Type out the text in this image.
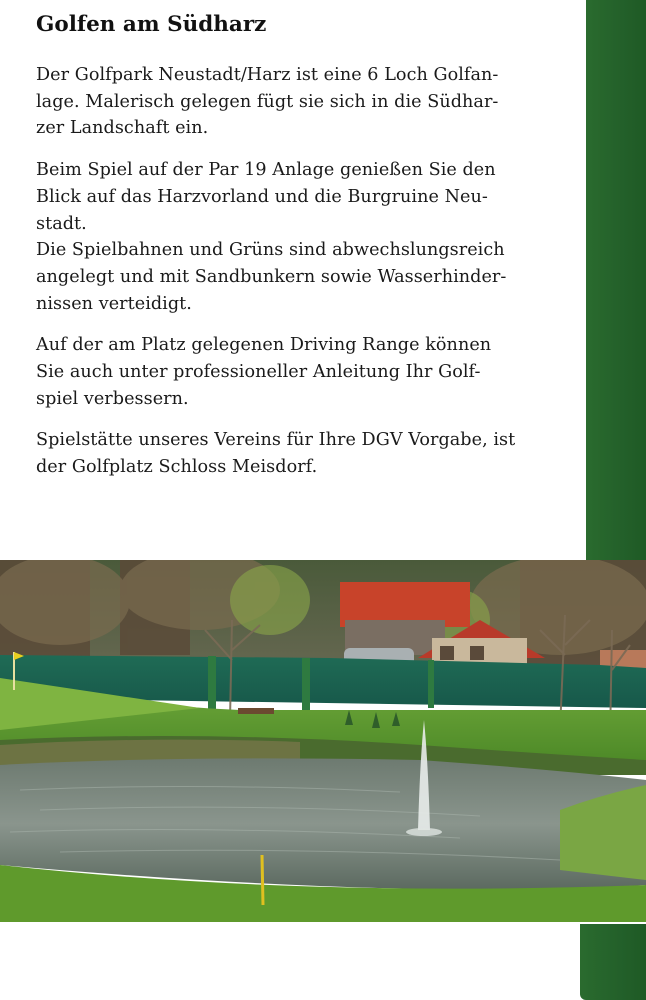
Golfen am Südharz

Der Golfpark Neustadt/Harz ist eine 6 Loch Golfan-
lage. Malerisch gelegen fügt sie sich in die Südhar-
zer Landschaft ein.

Beim Spiel auf der Par 19 Anlage genießen Sie den
Blick auf das Harzvorland und die Burgruine Neu-
stadt.

Die Spielbahnen und Grüns sind abwechslungsreich
angelegt und mit Sandbunkern sowie Wasserhinder-
nissen verteidigt.

Auf der am Platz gelegenen Driving Range können
Sie auch unter professioneller Anleitung Ihr Golf-
spiel verbessern.

Spielstätte unseres Vereins für Ihre DGV Vorgabe, ist
der Golfplatz Schloss Meisdorf.
